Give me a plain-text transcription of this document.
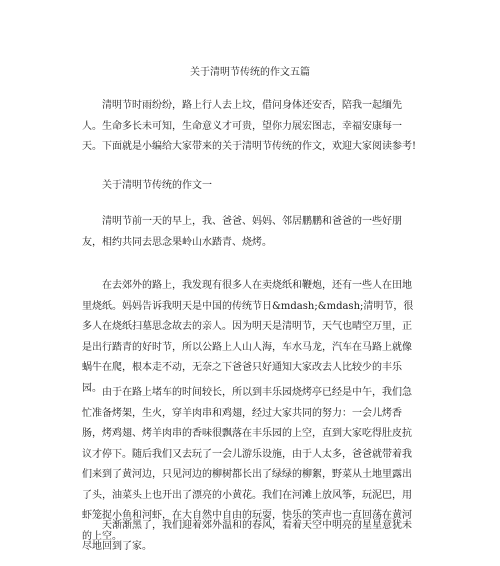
关于清明节传统的作文五篇

清明节时雨纷纷，路上行人去上坟，借问身体还安否，陪我一起缅先人。生命多长未可知，生命意义才可贵，望你力展宏图志，幸福安康每一天。下面就是小编给大家带来的关于清明节传统的作文，欢迎大家阅读参考!

关于清明节传统的作文一

清明节前一天的早上，我、爸爸、妈妈、邻居鹏鹏和爸爸的一些好朋友，相约共同去思念果岭山水踏青、烧烤。

在去郊外的路上，我发现有很多人在卖烧纸和鞭炮，还有一些人在田地里烧纸。妈妈告诉我明天是中国的传统节日&mdash;&mdash;清明节，很多人在烧纸扫墓思念故去的亲人。因为明天是清明节，天气也晴空万里，正是出行踏青的好时节，所以公路上人山人海，车水马龙，汽车在马路上就像蜗牛在爬，根本走不动，无奈之下爸爸只好通知大家改去人比较少的丰乐园。 由于在路上堵车的时间较长，所以到丰乐园烧烤亭已经是中午，我们急忙准备烤架，生火，穿羊肉串和鸡翅，经过大家共同的努力：一会儿烤香肠，烤鸡翅、烤羊肉串的香味很飘落在丰乐园的上空，直到大家吃得肚皮抗议才停下。随后我们又去玩了一会儿游乐设施，由于人太多，爸爸就带着我们来到了黄河边，只见河边的柳树都长出了绿绿的柳絮，野菜从土地里露出了头，油菜头上也开出了漂亮的小黄花。我们在河滩上放风筝，玩泥巴，用虾笼捉小鱼和河虾，在大自然中自由的玩耍，快乐的笑声也一直回荡在黄河的上空。

天渐渐黑了，我们迎着郊外温和的春风，看着天空中明亮的星星意犹未尽地回到了家。
